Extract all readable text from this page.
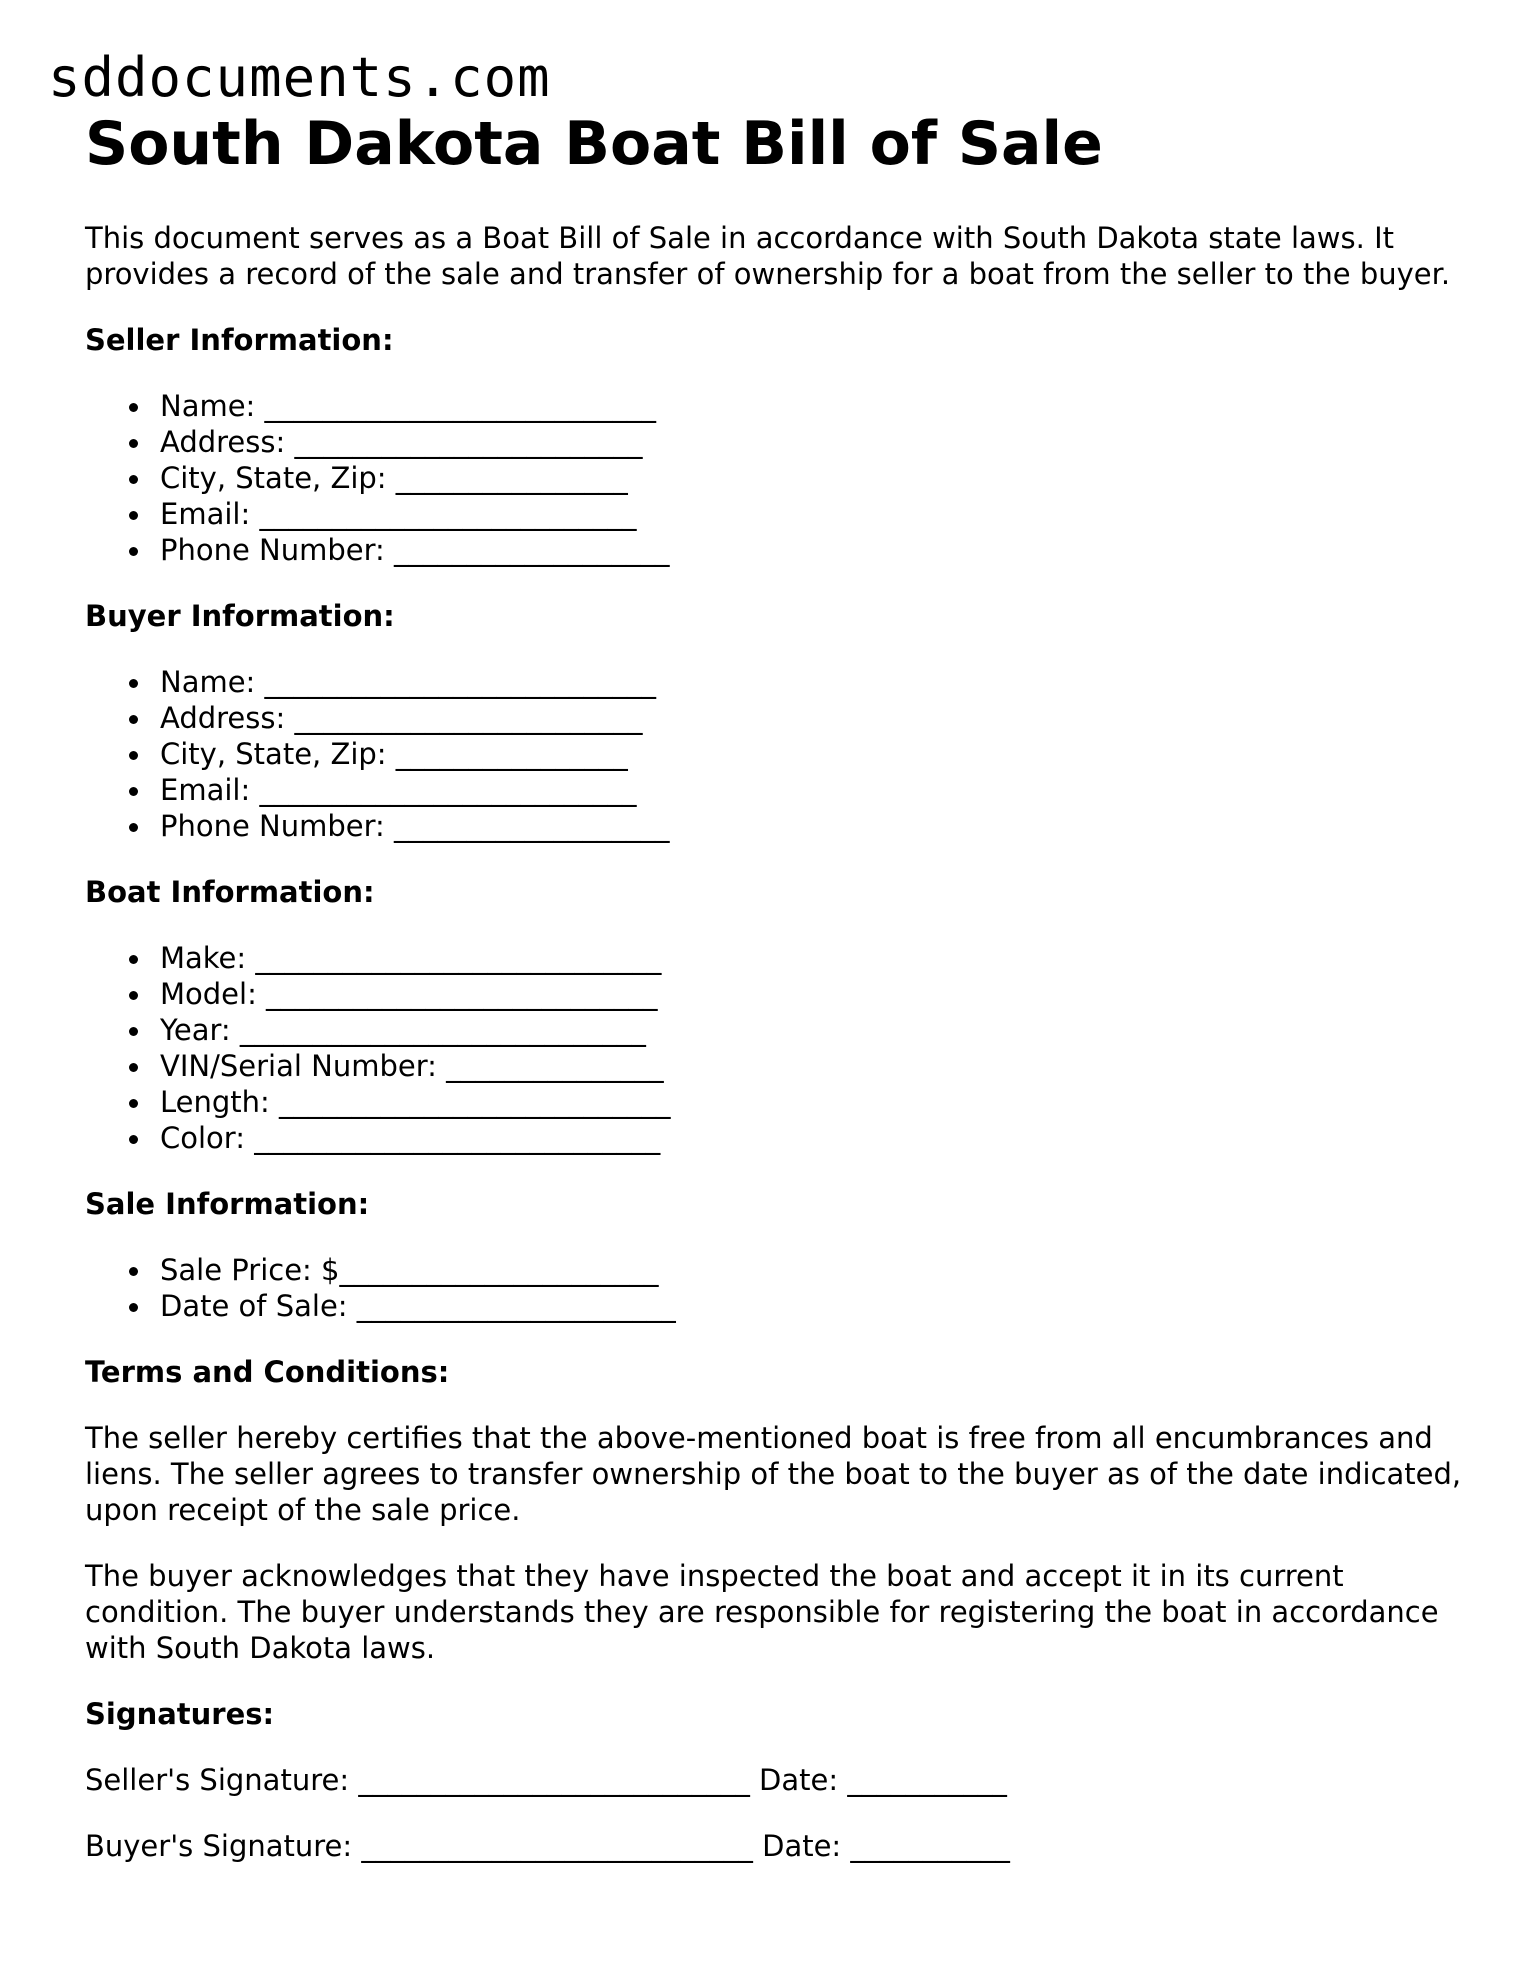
sddocuments.com
South Dakota Boat Bill of Sale

This document serves as a Boat Bill of Sale in accordance with South Dakota state laws. It provides a record of the sale and transfer of ownership for a boat from the seller to the buyer.

Seller Information:
Name: ___________________________
Address: ________________________
City, State, Zip: ________________
Email: __________________________
Phone Number: ___________________
Buyer Information:
Name: ___________________________
Address: ________________________
City, State, Zip: ________________
Email: __________________________
Phone Number: ___________________
Boat Information:
Make: ____________________________
Model: ___________________________
Year: ____________________________
VIN/Serial Number: _______________
Length: ___________________________
Color: ____________________________
Sale Information:
Sale Price: $______________________
Date of Sale: ______________________
Terms and Conditions:

The seller hereby certifies that the above-mentioned boat is free from all encumbrances and liens. The seller agrees to transfer ownership of the boat to the buyer as of the date indicated, upon receipt of the sale price.

The buyer acknowledges that they have inspected the boat and accept it in its current condition. The buyer understands they are responsible for registering the boat in accordance with South Dakota laws.

Signatures:

Seller's Signature: ___________________________ Date: ___________

Buyer's Signature: ___________________________ Date: ___________
